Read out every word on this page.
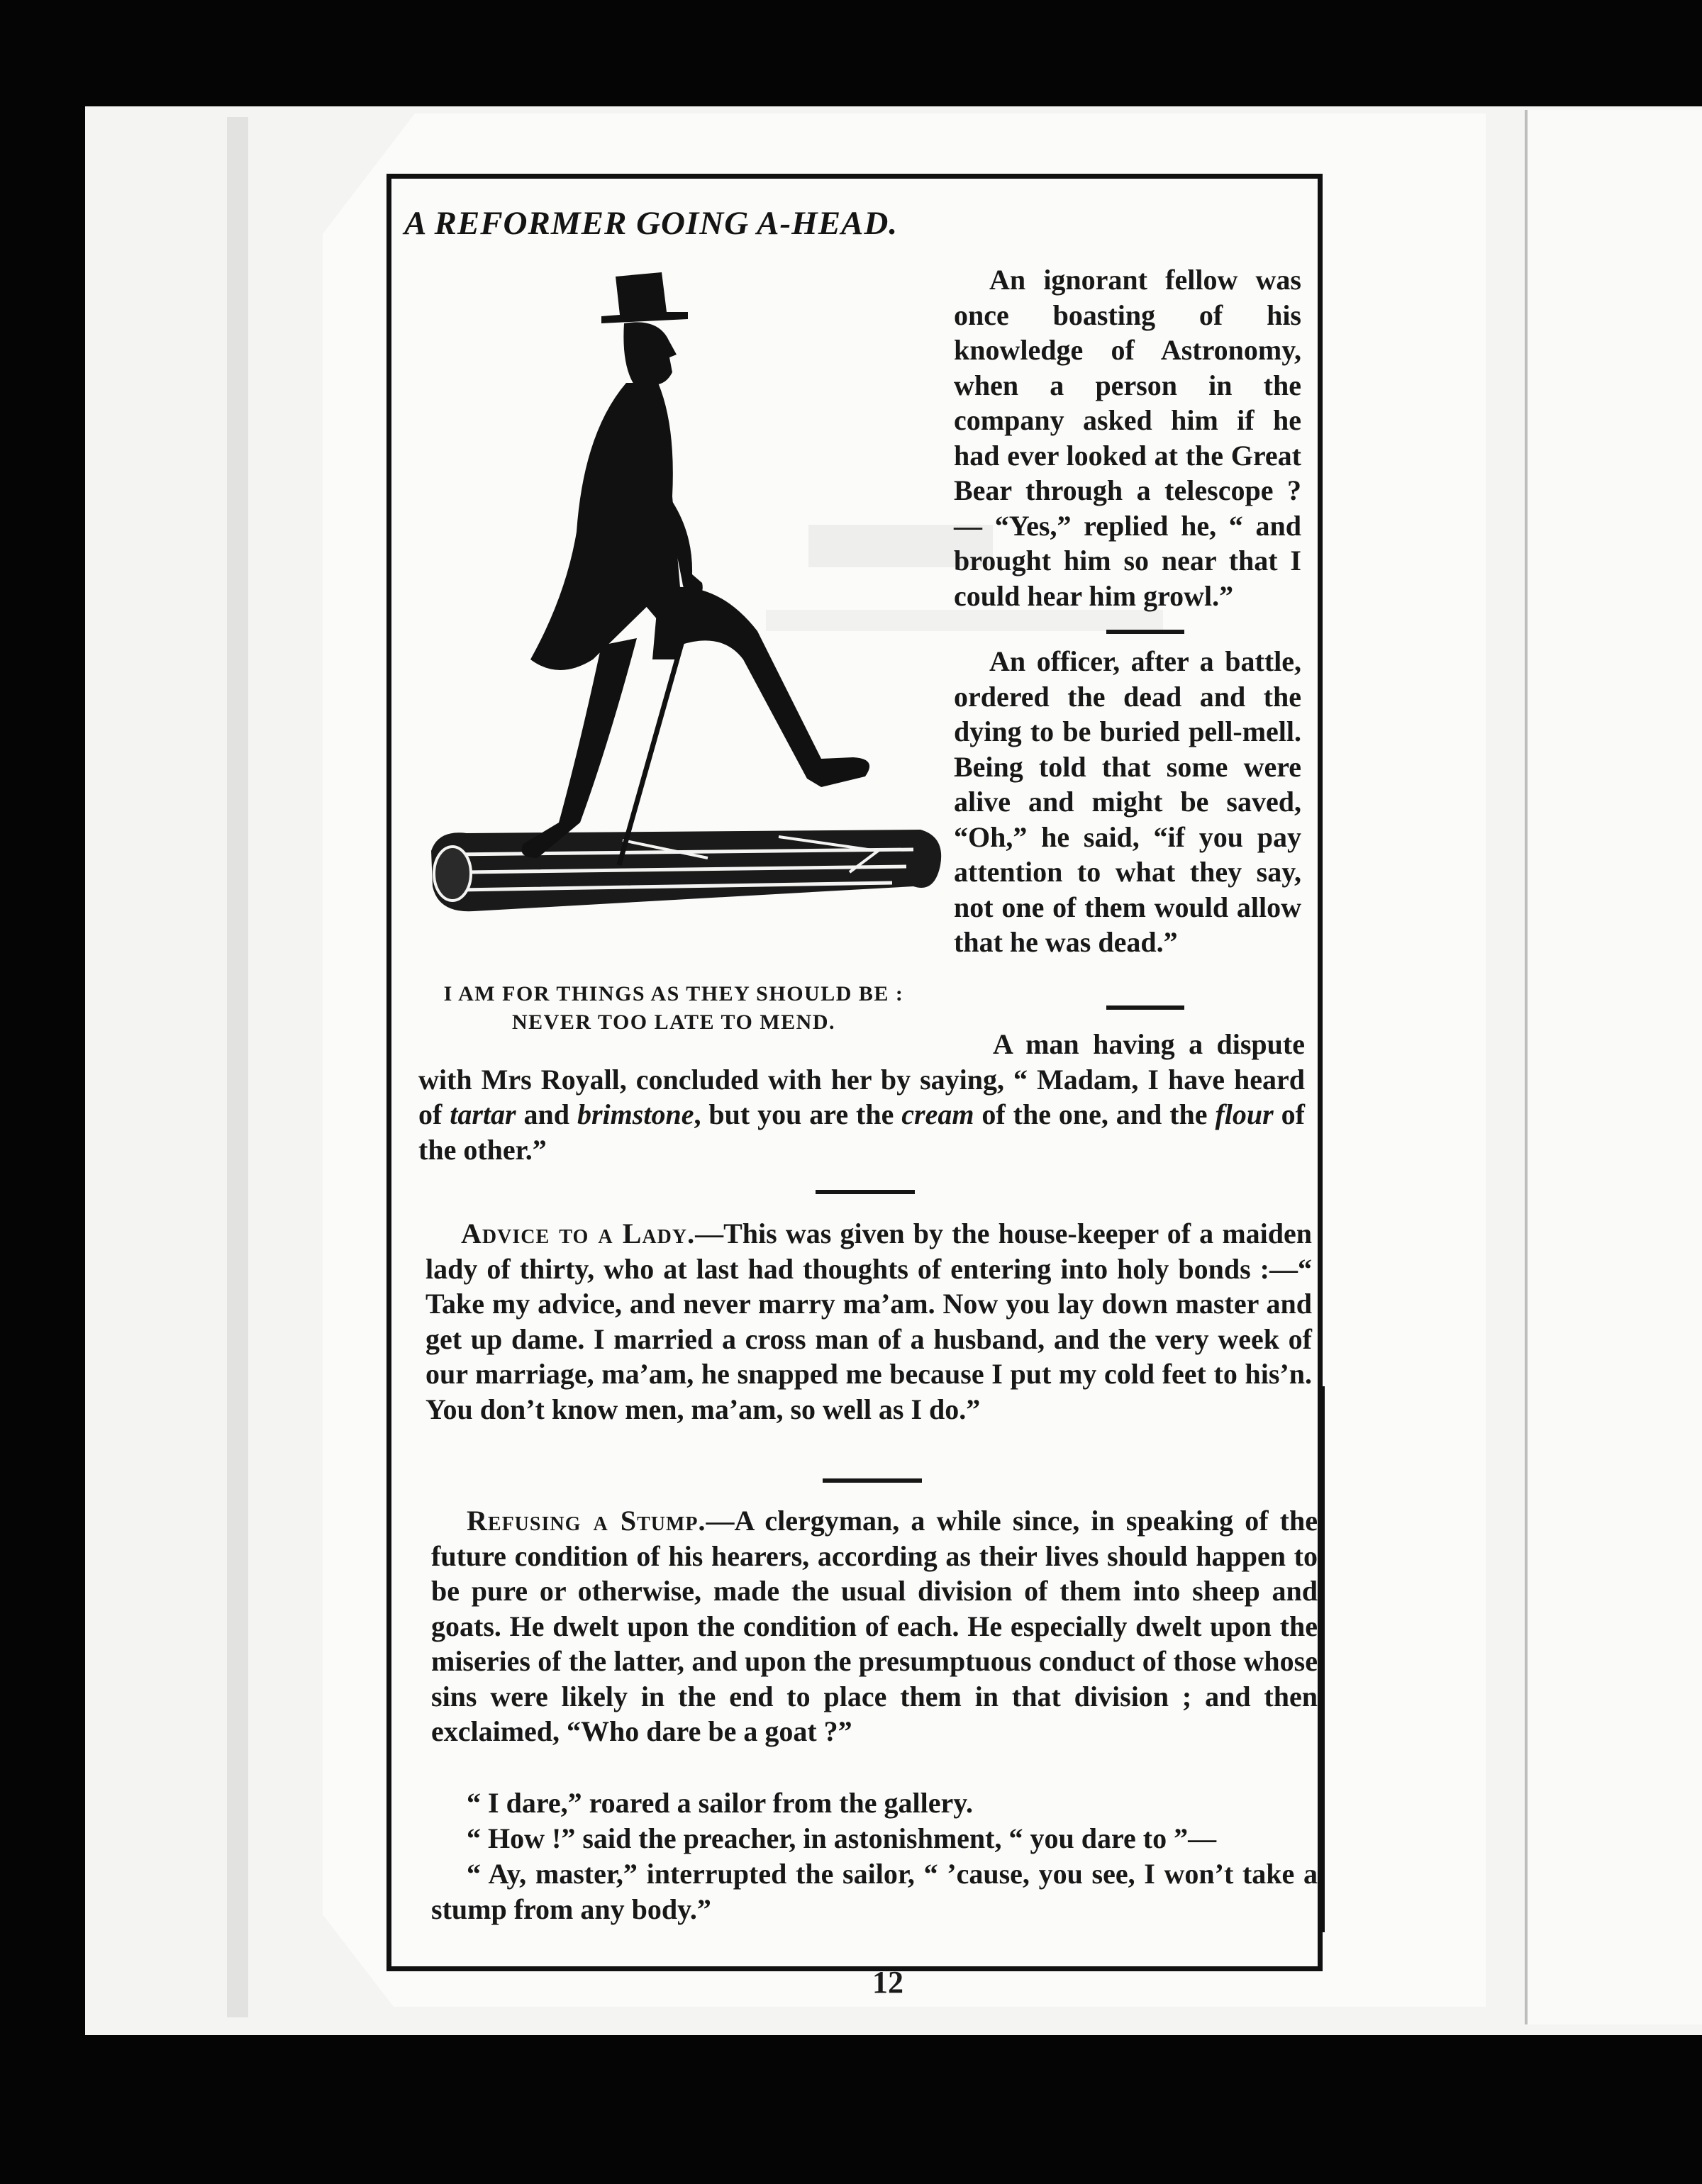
A REFORMER GOING A-HEAD.

I AM FOR THINGS AS THEY SHOULD BE :

NEVER TOO LATE TO MEND.

An ignorant fellow was once boasting of his knowledge of Astronomy, when a person in the company asked him if he had ever looked at the Great Bear through a telescope ?— “Yes,” replied he, “ and brought him so near that I could hear him growl.”

An officer, after a battle, ordered the dead and the dying to be buried pell-mell. Being told that some were alive and might be saved, “Oh,” he said, “if you pay attention to what they say, not one of them would allow that he was dead.”

A man having a dispute with Mrs Royall, concluded with her by saying, “ Madam, I have heard of tartar and brimstone, but you are the cream of the one, and the flour of the other.”

Advice to a Lady.—This was given by the house-keeper of a maiden lady of thirty, who at last had thoughts of entering into holy bonds :—“ Take my advice, and never marry ma’am. Now you lay down master and get up dame. I married a cross man of a husband, and the very week of our marriage, ma’am, he snapped me because I put my cold feet to his’n. You don’t know men, ma’am, so well as I do.”

Refusing a Stump.—A clergyman, a while since, in speaking of the future condition of his hearers, according as their lives should happen to be pure or otherwise, made the usual division of them into sheep and goats. He dwelt upon the condition of each. He especially dwelt upon the miseries of the latter, and upon the presumptuous conduct of those whose sins were likely in the end to place them in that division ; and then exclaimed, “Who dare be a goat ?”

“ I dare,” roared a sailor from the gallery.

“ How !” said the preacher, in astonishment, “ you dare to ”—

“ Ay, master,” interrupted the sailor, “ ’cause, you see, I won’t take a stump from any body.”

12
